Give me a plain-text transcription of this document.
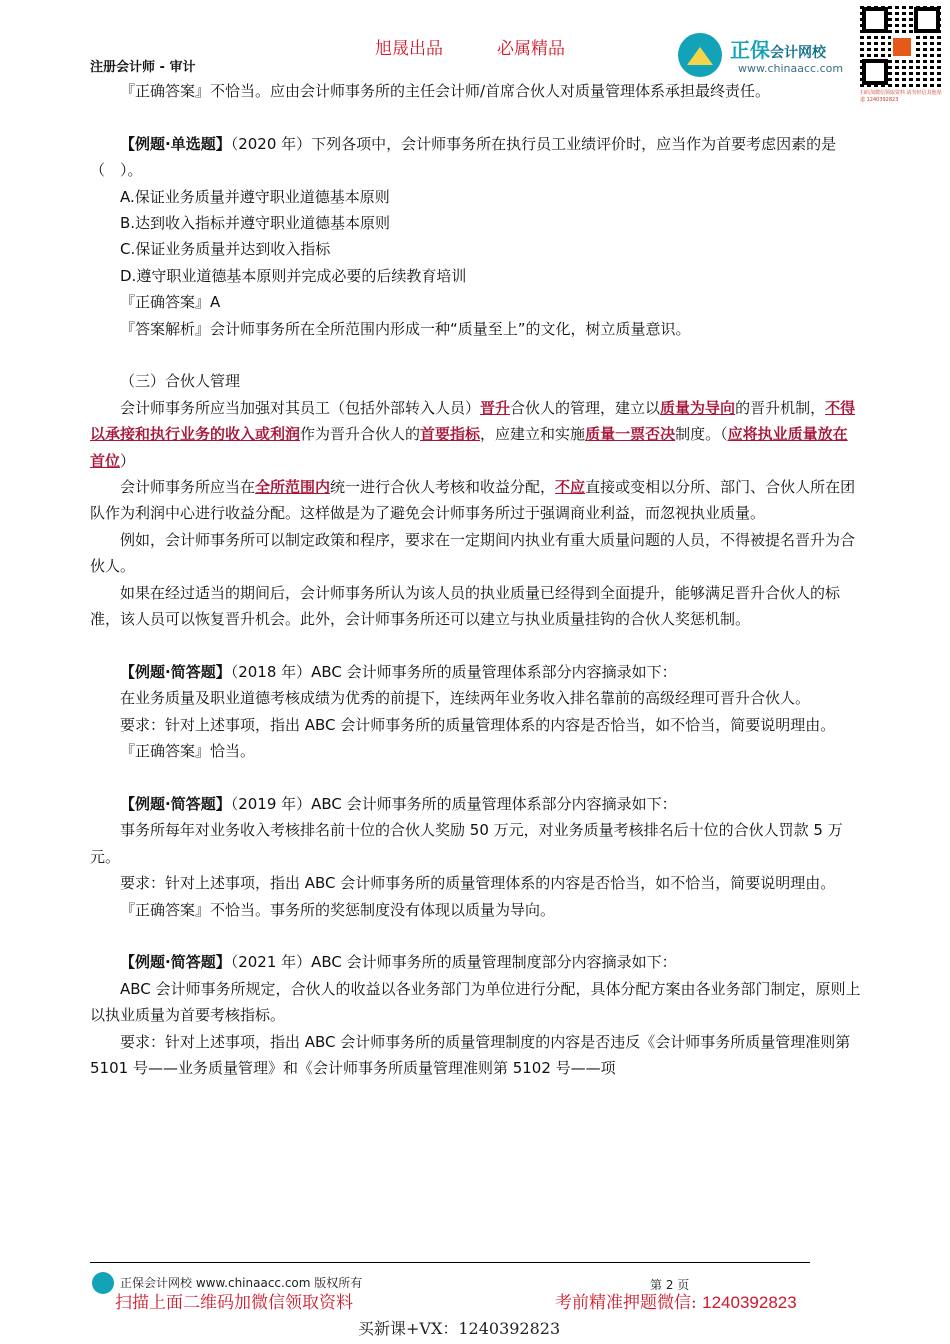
旭晟出品	必属精品
注册会计师 - 审计
正保会计网校
www.chinaacc.com
扫码加微信领取资料 请勿轻信其他渠道 1240392823

『正确答案』不恰当。应由会计师事务所的主任会计师/首席合伙人对质量管理体系承担最终责任。

【例题·单选题】（2020 年）下列各项中，会计师事务所在执行员工业绩评价时，应当作为首要考虑因素的是（　）。

A.保证业务质量并遵守职业道德基本原则

B.达到收入指标并遵守职业道德基本原则

C.保证业务质量并达到收入指标

D.遵守职业道德基本原则并完成必要的后续教育培训

『正确答案』A

『答案解析』会计师事务所在全所范围内形成一种“质量至上”的文化，树立质量意识。

（三）合伙人管理

会计师事务所应当加强对其员工（包括外部转入人员）晋升合伙人的管理，建立以质量为导向的晋升机制，不得以承接和执行业务的收入或利润作为晋升合伙人的首要指标，应建立和实施质量一票否决制度。（应将执业质量放在首位）

会计师事务所应当在全所范围内统一进行合伙人考核和收益分配，不应直接或变相以分所、部门、合伙人所在团队作为利润中心进行收益分配。这样做是为了避免会计师事务所过于强调商业利益，而忽视执业质量。

例如，会计师事务所可以制定政策和程序，要求在一定期间内执业有重大质量问题的人员，不得被提名晋升为合伙人。

如果在经过适当的期间后，会计师事务所认为该人员的执业质量已经得到全面提升，能够满足晋升合伙人的标准，该人员可以恢复晋升机会。此外，会计师事务所还可以建立与执业质量挂钩的合伙人奖惩机制。

【例题·简答题】（2018 年）ABC 会计师事务所的质量管理体系部分内容摘录如下：

在业务质量及职业道德考核成绩为优秀的前提下，连续两年业务收入排名靠前的高级经理可晋升合伙人。

要求：针对上述事项，指出 ABC 会计师事务所的质量管理体系的内容是否恰当，如不恰当，简要说明理由。

『正确答案』恰当。

【例题·简答题】（2019 年）ABC 会计师事务所的质量管理体系部分内容摘录如下：

事务所每年对业务收入考核排名前十位的合伙人奖励 50 万元，对业务质量考核排名后十位的合伙人罚款 5 万元。

要求：针对上述事项，指出 ABC 会计师事务所的质量管理体系的内容是否恰当，如不恰当，简要说明理由。

『正确答案』不恰当。事务所的奖惩制度没有体现以质量为导向。

【例题·简答题】（2021 年）ABC 会计师事务所的质量管理制度部分内容摘录如下：

ABC 会计师事务所规定，合伙人的收益以各业务部门为单位进行分配，具体分配方案由各业务部门制定，原则上以执业质量为首要考核指标。

要求：针对上述事项，指出 ABC 会计师事务所的质量管理制度的内容是否违反《会计师事务所质量管理准则第 5101 号——业务质量管理》和《会计师事务所质量管理准则第 5102 号——项

正保会计网校 www.chinaacc.com 版权所有	第 2 页
扫描上面二维码加微信领取资料	考前精准押题微信: 1240392823
买新课+VX：1240392823
